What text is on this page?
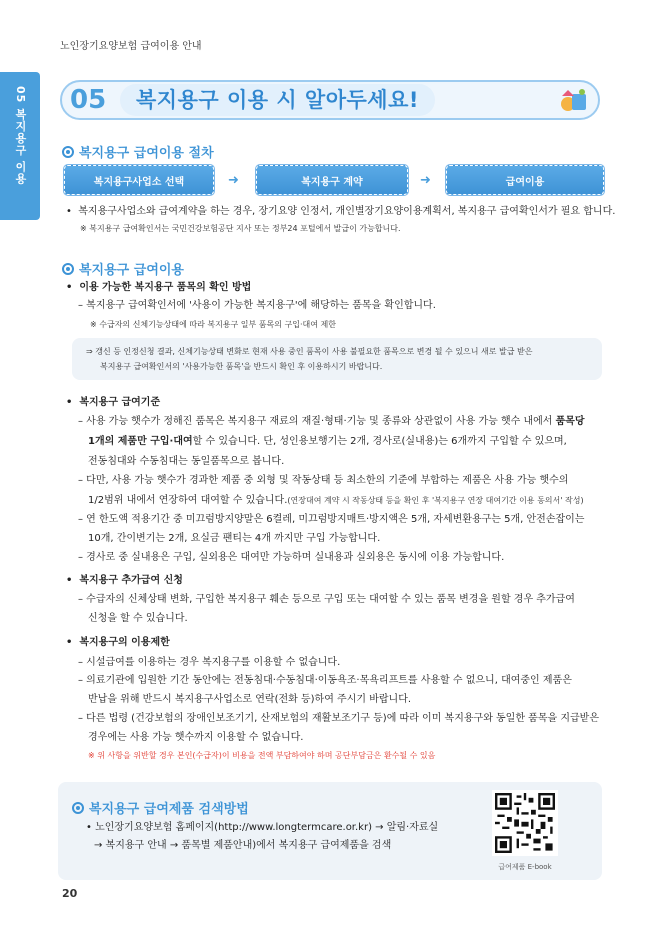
노인장기요양보험 급여이용 안내
05 복지용구 이용 05	복지용구 이용 시 알아두세요!
복지용구 급여이용 절차
복지용구사업소 선택	➜	복지용구 계약	➜	급여이용
•  복지용구사업소와 급여계약을 하는 경우, 장기요양 인정서, 개인별장기요양이용계획서, 복지용구 급여확인서가 필요 합니다.
※ 복지용구 급여확인서는 국민건강보험공단 지사 또는 정부24 포털에서 발급이 가능합니다.
복지용구 급여이용
•  이용 가능한 복지용구 품목의 확인 방법
– 복지용구 급여확인서에 '사용이 가능한 복지용구'에 해당하는 품목을 확인합니다.
※ 수급자의 신체기능상태에 따라 복지용구 일부 품목의 구입·대여 제한
⇒ 갱신 등 인정신청 결과, 신체기능상태 변화로 현재 사용 중인 품목이 사용 불필요한 품목으로 변경 될 수 있으니 새로 발급 받은
복지용구 급여확인서의 '사용가능한 품목'을 반드시 확인 후 이용하시기 바랍니다.
•  복지용구 급여기준
– 사용 가능 햇수가 정해진 품목은 복지용구 재료의 재질·형태·기능 및 종류와 상관없이 사용 가능 햇수 내에서 품목당
1개의 제품만 구입·대여할 수 있습니다. 단, 성인용보행기는 2개, 경사로(실내용)는 6개까지 구입할 수 있으며,
전동침대와 수동침대는 동일품목으로 봅니다.
– 다만, 사용 가능 햇수가 경과한 제품 중 외형 및 작동상태 등 최소한의 기준에 부합하는 제품은 사용 가능 햇수의
1/2범위 내에서 연장하여 대여할 수 있습니다.(연장대여 계약 시 작동상태 등을 확인 후 '복지용구 연장 대여기간 이용 동의서' 작성)
– 연 한도액 적용기간 중 미끄럼방지양말은 6켤레, 미끄럼방지매트·방지액은 5개, 자세변환용구는 5개, 안전손잡이는
10개, 간이변기는 2개, 요실금 팬티는 4개 까지만 구입 가능합니다.
– 경사로 중 실내용은 구입, 실외용은 대여만 가능하며 실내용과 실외용은 동시에 이용 가능합니다.
•  복지용구 추가급여 신청
– 수급자의 신체상태 변화, 구입한 복지용구 훼손 등으로 구입 또는 대여할 수 있는 품목 변경을 원할 경우 추가급여
신청을 할 수 있습니다.
•  복지용구의 이용제한
– 시설급여를 이용하는 경우 복지용구를 이용할 수 없습니다.
– 의료기관에 입원한 기간 동안에는 전동침대·수동침대·이동욕조·목욕리프트를 사용할 수 없으니, 대여중인 제품은
반납을 위해 반드시 복지용구사업소로 연락(전화 등)하여 주시기 바랍니다.
– 다른 법령 (건강보험의 장애인보조기기, 산재보험의 재활보조기구 등)에 따라 이미 복지용구와 동일한 품목을 지급받은
경우에는 사용 가능 햇수까지 이용할 수 없습니다.
※ 위 사항을 위반할 경우 본인(수급자)이 비용을 전액 부담하여야 하며 공단부담금은 환수될 수 있음
복지용구 급여제품 검색방법
• 노인장기요양보험 홈페이지(http://www.longtermcare.or.kr) → 알림·자료실
→ 복지용구 안내 → 품목별 제품안내)에서 복지용구 급여제품을 검색
급여제품 E-book
20
